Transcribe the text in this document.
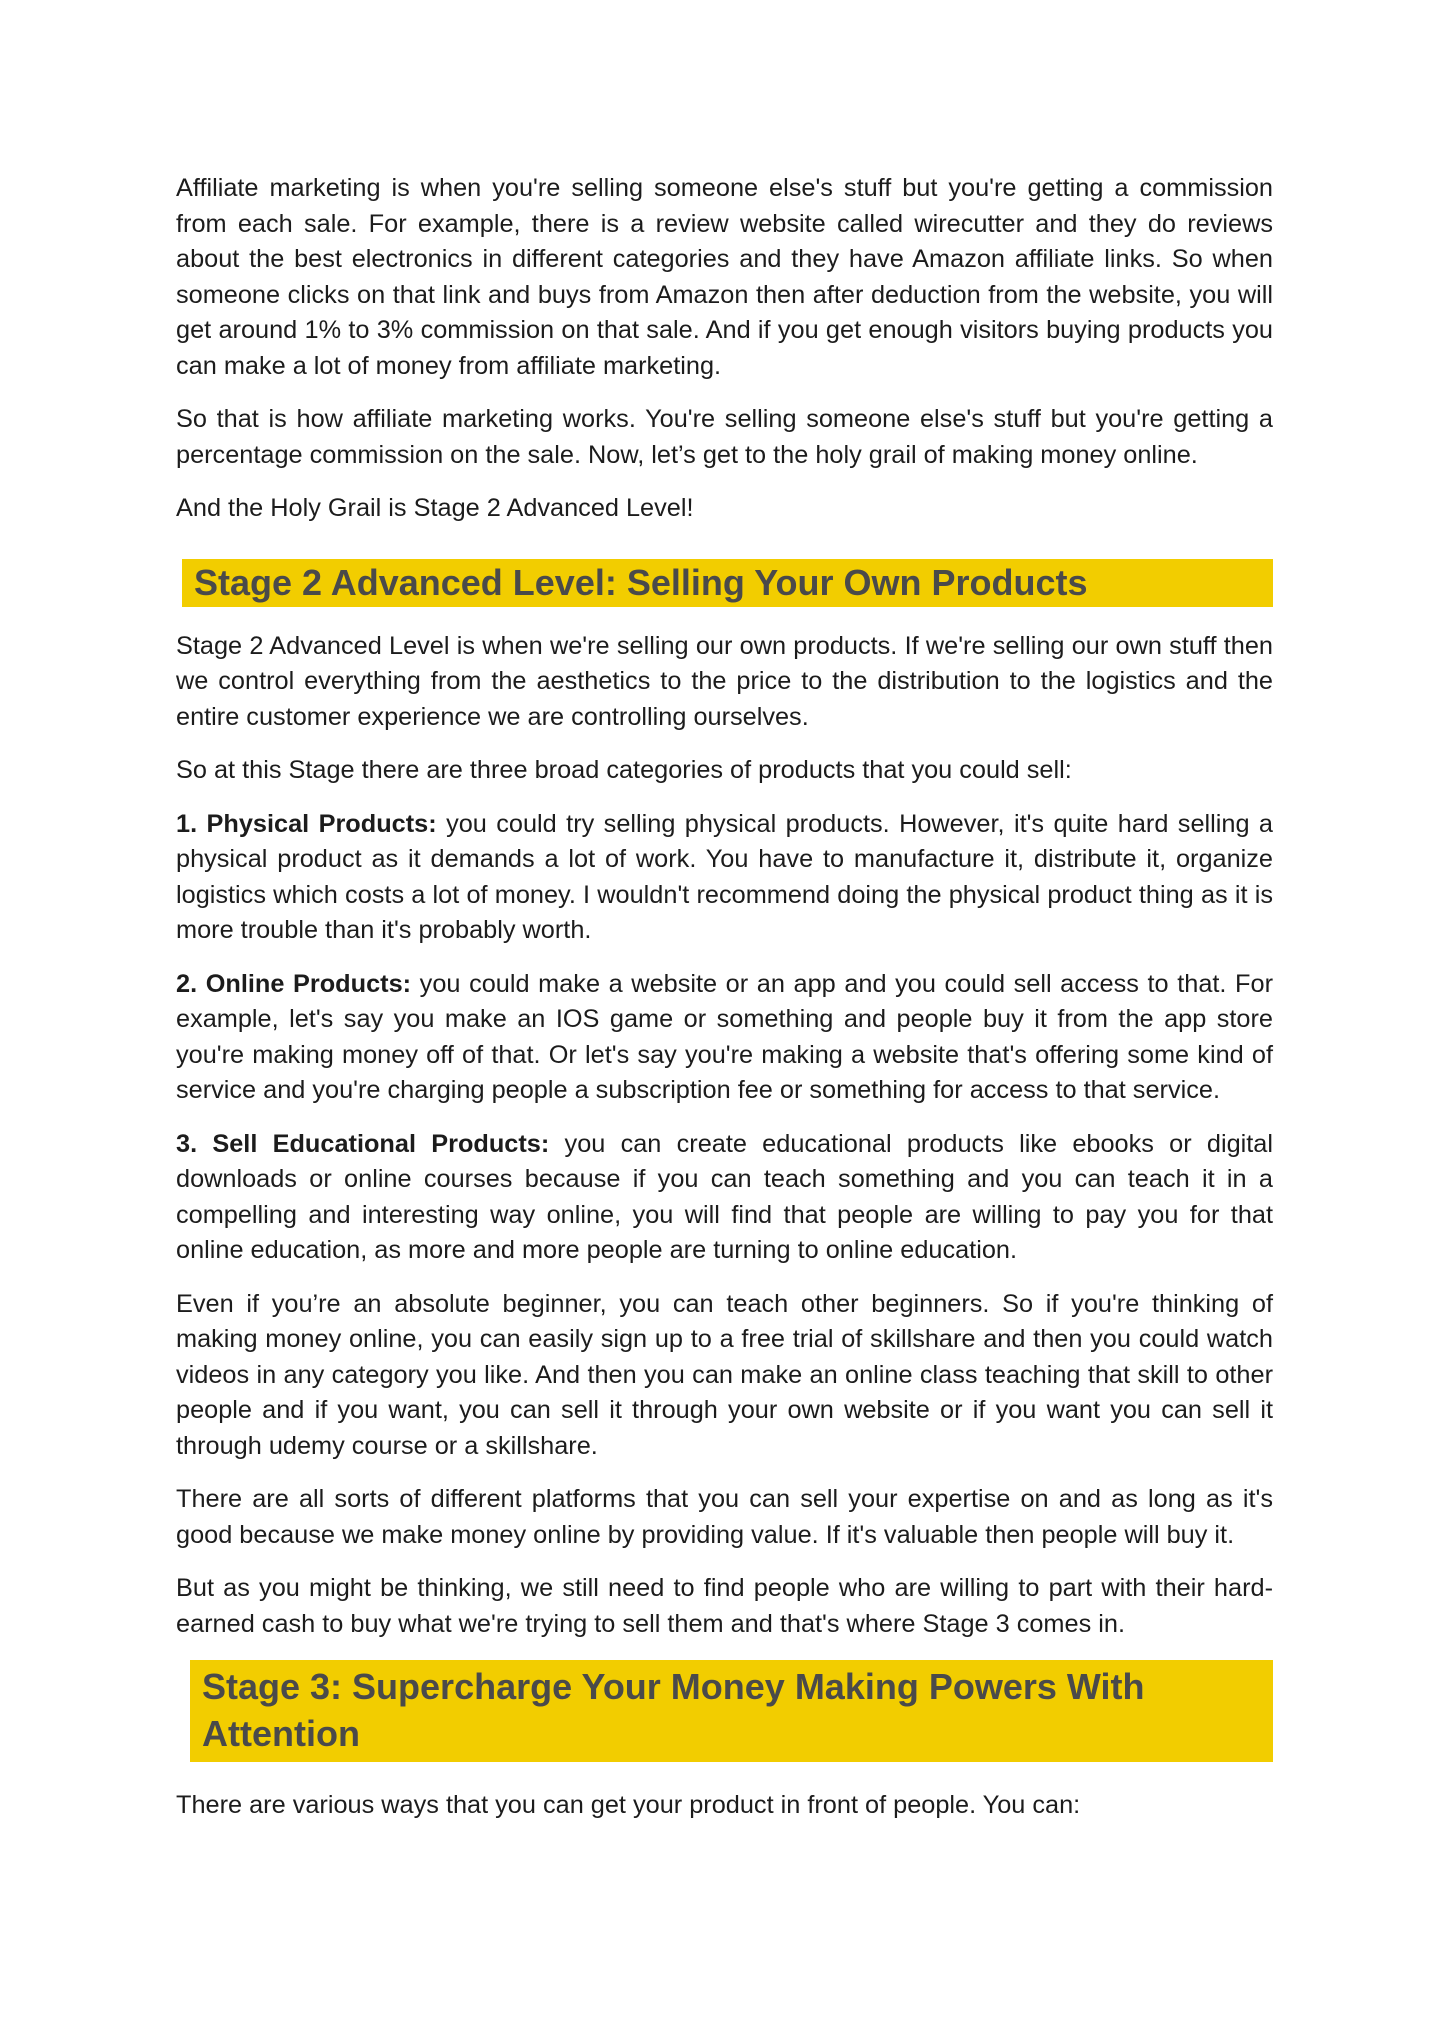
Affiliate marketing is when you're selling someone else's stuff but you're getting a commission from each sale. For example, there is a review website called wirecutter and they do reviews about the best electronics in different categories and they have Amazon affiliate links. So when someone clicks on that link and buys from Amazon then after deduction from the website, you will get around 1% to 3% commission on that sale. And if you get enough visitors buying products you can make a lot of money from affiliate marketing.

So that is how affiliate marketing works. You're selling someone else's stuff but you're getting a percentage commission on the sale. Now, let’s get to the holy grail of making money online.

And the Holy Grail is Stage 2 Advanced Level!

Stage 2 Advanced Level: Selling Your Own Products

Stage 2 Advanced Level is when we're selling our own products. If we're selling our own stuff then we control everything from the aesthetics to the price to the distribution to the logistics and the entire customer experience we are controlling ourselves.

So at this Stage there are three broad categories of products that you could sell:

1. Physical Products: you could try selling physical products. However, it's quite hard selling a physical product as it demands a lot of work. You have to manufacture it, distribute it, organize logistics which costs a lot of money. I wouldn't recommend doing the physical product thing as it is more trouble than it's probably worth.

2. Online Products: you could make a website or an app and you could sell access to that. For example, let's say you make an IOS game or something and people buy it from the app store you're making money off of that. Or let's say you're making a website that's offering some kind of service and you're charging people a subscription fee or something for access to that service.

3. Sell Educational Products: you can create educational products like ebooks or digital downloads or online courses because if you can teach something and you can teach it in a compelling and interesting way online, you will find that people are willing to pay you for that online education, as more and more people are turning to online education.

Even if you’re an absolute beginner, you can teach other beginners. So if you're thinking of making money online, you can easily sign up to a free trial of skillshare and then you could watch videos in any category you like. And then you can make an online class teaching that skill to other people and if you want, you can sell it through your own website or if you want you can sell it through udemy course or a skillshare.

There are all sorts of different platforms that you can sell your expertise on and as long as it's good because we make money online by providing value. If it's valuable then people will buy it.

But as you might be thinking, we still need to find people who are willing to part with their hard-earned cash to buy what we're trying to sell them and that's where Stage 3 comes in.

Stage 3: Supercharge Your Money Making Powers With Attention

There are various ways that you can get your product in front of people. You can:
